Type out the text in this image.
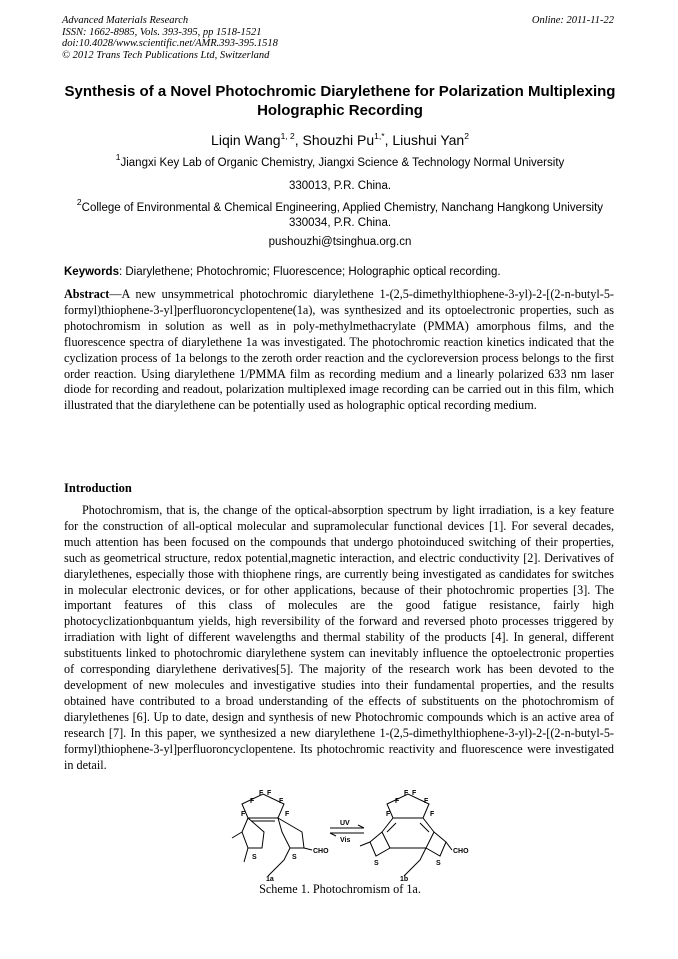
Advanced Materials Research
ISSN: 1662-8985, Vols. 393-395, pp 1518-1521
doi:10.4028/www.scientific.net/AMR.393-395.1518
© 2012 Trans Tech Publications Ltd, Switzerland
Online: 2011-11-22
Synthesis of a Novel Photochromic Diarylethene for Polarization Multiplexing Holographic Recording
Liqin Wang$^{1, 2}$, Shouzhi $Pu^{1,*}$, Liushui Yan$^2$
$^1$Jiangxi Key Lab of Organic Chemistry, Jiangxi Science & Technology Normal University
330013, P.R. China.
$^2$College of Environmental & Chemical Engineering, Applied Chemistry, Nanchang Hangkong University 330034, P.R. China.
pushouzhi@tsinghua.org.cn
Keywords: Diarylethene; Photochromic; Fluorescence; Holographic optical recording.
Abstract—A new unsymmetrical photochromic diarylethene 1-(2,5-dimethylthiophene-3-yl)-2-[(2-n-butyl-5-formyl)thiophene-3-yl]perfluoroncyclopentene(1a), was synthesized and its optoelectronic properties, such as photochromism in solution as well as in poly-methylmethacrylate (PMMA) amorphous films, and the fluorescence spectra of diarylethene 1a was investigated. The photochromic reaction kinetics indicated that the cyclization process of 1a belongs to the zeroth order reaction and the cycloreversion process belongs to the first order reaction. Using diarylethene 1/PMMA film as recording medium and a linearly polarized 633 nm laser diode for recording and readout, polarization multiplexed image recording can be carried out in this film, which illustrated that the diarylethene can be potentially used as holographic optical recording medium.
Introduction
Photochromism, that is, the change of the optical-absorption spectrum by light irradiation, is a key feature for the construction of all-optical molecular and supramolecular functional devices [1]. For several decades, much attention has been focused on the compounds that undergo photoinduced switching of their properties, such as geometrical structure, redox potential,magnetic interaction, and electric conductivity [2]. Derivatives of diarylethenes, especially those with thiophene rings, are currently being investigated as candidates for switches in molecular electronic devices, or for other applications, because of their photochromic properties [3]. The important features of this class of molecules are the good fatigue resistance, fairly high photocyclizationbquantum yields, high reversibility of the forward and reversed photo processes triggered by irradiation with light of different wavelengths and thermal stability of the products [4]. In general, different substituents linked to photochromic diarylethene system can inevitably influence the optoelectronic properties of corresponding diarylethene derivatives[5]. The majority of the research work has been devoted to the development of new molecules and investigative studies into their fundamental properties, and the results obtained have contributed to a broad understanding of the effects of substituents on the photochromism of diarylethenes [6]. Up to date, design and synthesis of new Photochromic compounds which is an active area of research [7]. In this paper, we synthesized a new diarylethene 1-(2,5-dimethylthiophene-3-yl)-2-[(2-n-butyl-5-formyl)thiophene-3-yl]perfluoroncyclopentene. Its photochromic reactivity and fluorescence were investigated in detail.
F F
F	F
F	F
S	S
CHO
F F
F	F
F	F
S	S
CHO
UV
Vis
1a	1b
Scheme 1. Photochromism of 1a.
